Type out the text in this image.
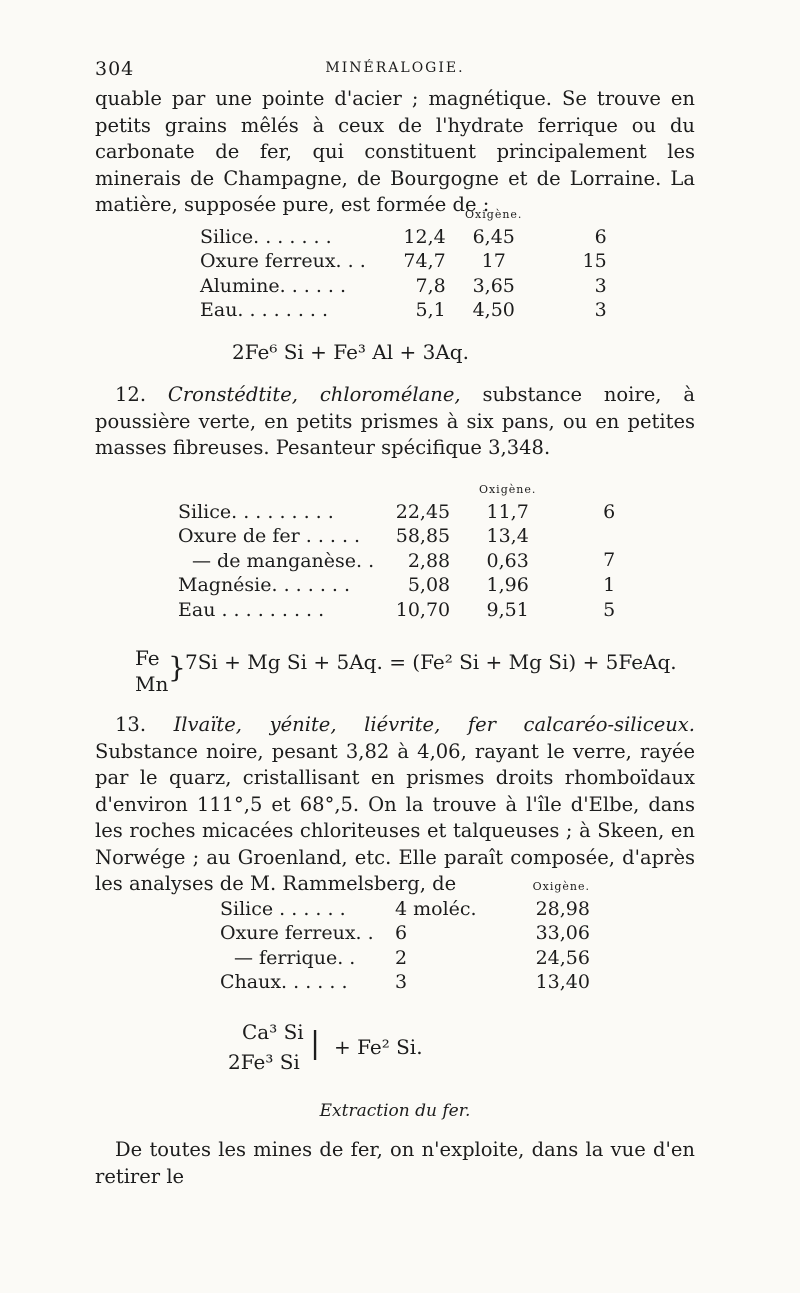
304	MINÉRALOGIE.

quable par une pointe d'acier ; magnétique. Se trouve en petits grains mêlés à ceux de l'hydrate ferrique ou du carbonate de fer, qui constituent principalement les minerais de Champagne, de Bourgogne et de Lorraine. La matière, supposée pure, est formée de :

		Oxigène.	
Silice. . . . . . .	12,4	6,45	6
Oxure ferreux. . .	74,7	17	15
Alumine. . . . . .	7,8	3,65	3
Eau. . . . . . . .	5,1	4,50	3
2Fe⁶ Si + Fe³ Al + 3Aq.

12. Cronstédtite, chloromélane, substance noire, à poussière verte, en petits prismes à six pans, ou en petites masses fibreuses. Pesanteur spécifique 3,348.

		Oxigène.	
Silice. . . . . . . . .	22,45	11,7	6
Oxure de fer . . . . .	58,85	13,4	
— de manganèse. .	2,88	0,63	7
Magnésie. . . . . . .	5,08	1,96	1
Eau . . . . . . . . .	10,70	9,51	5
Fe
Mn } 7Si + Mg Si + 5Aq. = (Fe² Si + Mg Si) + 5FeAq.

13. Ilvaïte, yénite, liévrite, fer calcaréo-siliceux. Substance noire, pesant 3,82 à 4,06, rayant le verre, rayée par le quarz, cristallisant en prismes droits rhomboïdaux d'environ 111°,5 et 68°,5. On la trouve à l'île d'Elbe, dans les roches micacées chloriteuses et talqueuses ; à Skeen, en Norwége ; au Groenland, etc. Elle paraît composée, d'après les analyses de M. Rammelsberg, de

			Oxigène.
Silice . . . . . .	4 moléc.	28,98
Oxure ferreux. .	6	33,06
— ferrique. .	2	24,56
Chaux. . . . . .	3	13,40
Ca³ Si
2Fe³ Si
| + Fe² Si.
Extraction du fer.

De toutes les mines de fer, on n'exploite, dans la vue d'en retirer le
